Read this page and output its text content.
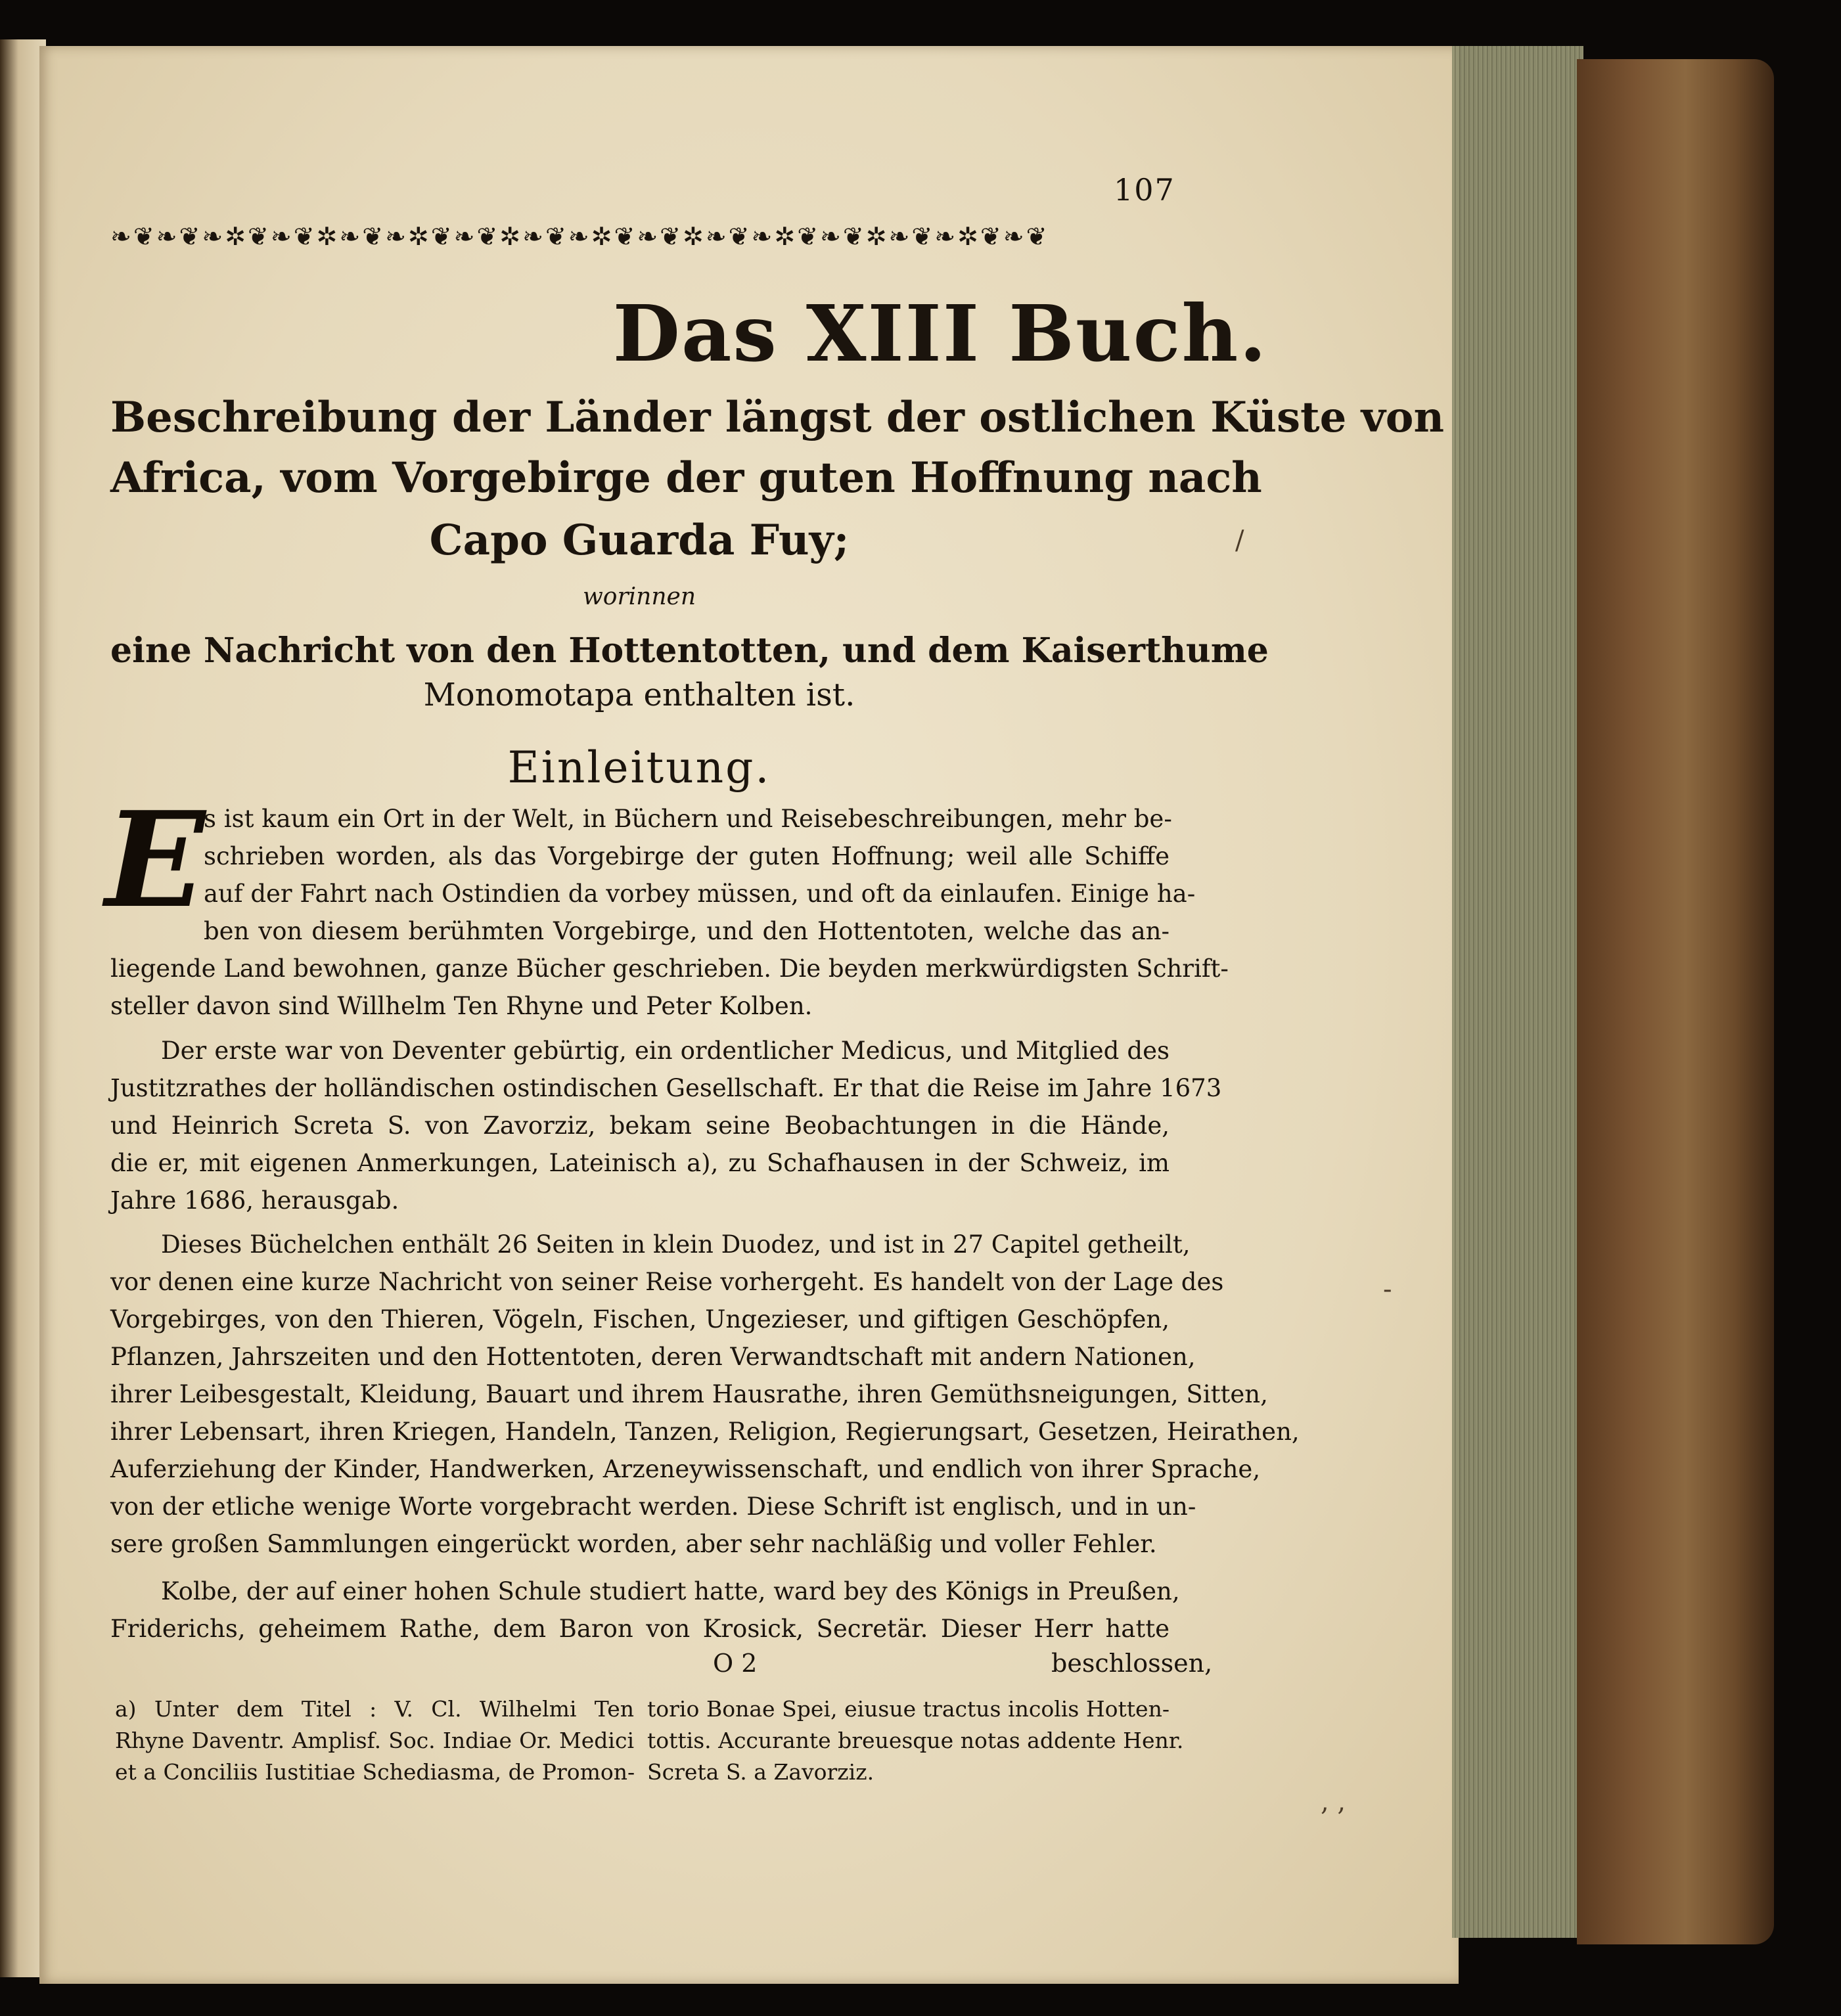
107
❧❦❧❦❧✲❦❧❦✲❧❦❧✲❦❧❦✲❧❦❧✲❦❧❦✲❧❦❧✲❦❧❦✲❧❦❧✲❦❧❦
Das XIII Buch.
Beschreibung der Länder längst der ostlichen Küste von
Africa, vom Vorgebirge der guten Hoffnung nach
Capo Guarda Fuy;
worinnen
eine Nachricht von den Hottentotten, und dem Kaiserthume
Monomotapa enthalten ist.
Einleitung.
E
s ist kaum ein Ort in der Welt, in Büchern und Reisebeschreibungen, mehr be-
schrieben worden, als das Vorgebirge der guten Hoffnung; weil alle Schiffe
auf der Fahrt nach Ostindien da vorbey müssen, und oft da einlaufen. Einige ha-
ben von diesem berühmten Vorgebirge, und den Hottentoten, welche das an-
liegende Land bewohnen, ganze Bücher geschrieben. Die beyden merkwürdigsten Schrift-
steller davon sind Willhelm Ten Rhyne und Peter Kolben.
Der erste war von Deventer gebürtig, ein ordentlicher Medicus, und Mitglied des
Justitzrathes der holländischen ostindischen Gesellschaft. Er that die Reise im Jahre 1673
und Heinrich Screta S. von Zavorziz, bekam seine Beobachtungen in die Hände,
die er, mit eigenen Anmerkungen, Lateinisch a), zu Schafhausen in der Schweiz, im
Jahre 1686, herausgab.
Dieses Büchelchen enthält 26 Seiten in klein Duodez, und ist in 27 Capitel getheilt,
vor denen eine kurze Nachricht von seiner Reise vorhergeht. Es handelt von der Lage des
Vorgebirges, von den Thieren, Vögeln, Fischen, Ungezieser, und giftigen Geschöpfen,
Pflanzen, Jahrszeiten und den Hottentoten, deren Verwandtschaft mit andern Nationen,
ihrer Leibesgestalt, Kleidung, Bauart und ihrem Hausrathe, ihren Gemüthsneigungen, Sitten,
ihrer Lebensart, ihren Kriegen, Handeln, Tanzen, Religion, Regierungsart, Gesetzen, Heirathen,
Auferziehung der Kinder, Handwerken, Arzeneywissenschaft, und endlich von ihrer Sprache,
von der etliche wenige Worte vorgebracht werden. Diese Schrift ist englisch, und in un-
sere großen Sammlungen eingerückt worden, aber sehr nachläßig und voller Fehler.
Kolbe, der auf einer hohen Schule studiert hatte, ward bey des Königs in Preußen,
Friderichs, geheimem Rathe, dem Baron von Krosick, Secretär. Dieser Herr hatte
O 2	beschlossen,
a) Unter dem Titel : V. Cl. Wilhelmi Ten
Rhyne Daventr. Amplisf. Soc. Indiae Or. Medici
et a Conciliis Iustitiae Schediasma, de Promon-
torio Bonae Spei, eiusue tractus incolis Hotten-
tottis. Accurante breuesque notas addente Henr.
Screta S. a Zavorziz.
/
-
, ,
